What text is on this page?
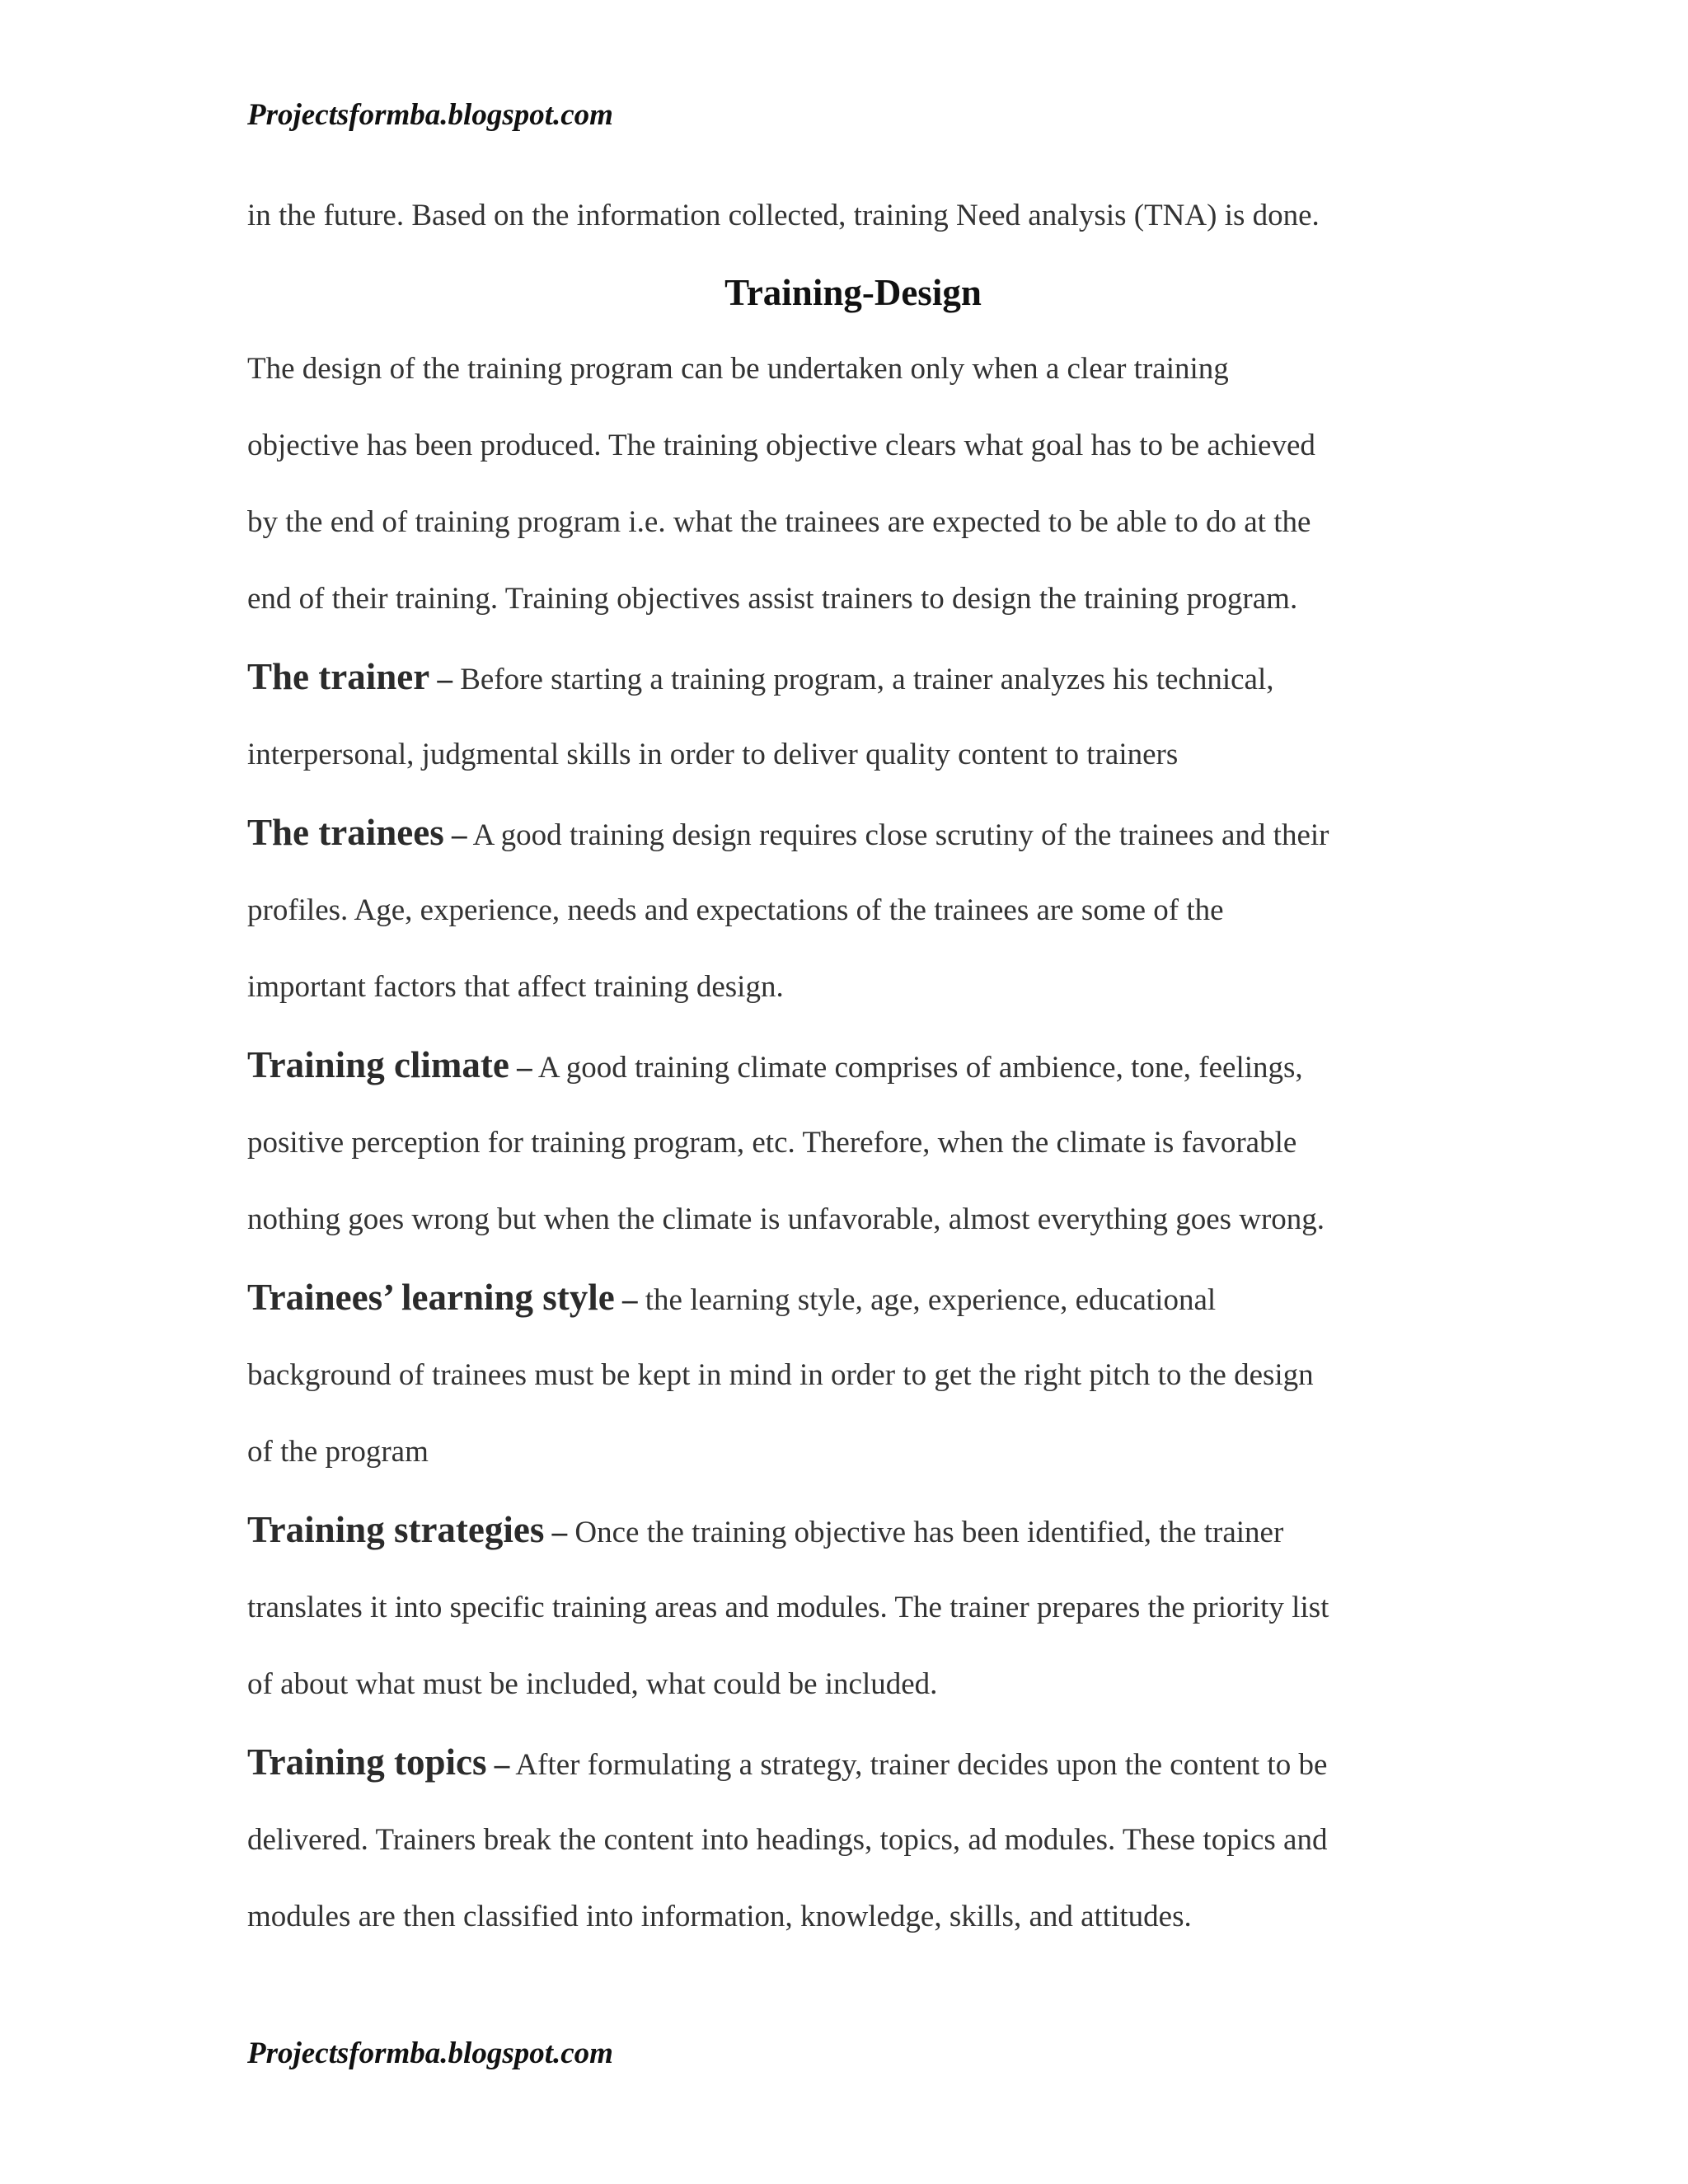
Projectsformba.blogspot.com
in the future. Based on the information collected, training Need analysis (TNA) is done.
Training-Design
The design of the training program can be undertaken only when a clear training
objective has been produced. The training objective clears what goal has to be achieved
by the end of training program i.e. what the trainees are expected to be able to do at the
end of their training. Training objectives assist trainers to design the training program.
The trainer – Before starting a training program, a trainer analyzes his technical,
interpersonal, judgmental skills in order to deliver quality content to trainers
The trainees – A good training design requires close scrutiny of the trainees and their
profiles. Age, experience, needs and expectations of the trainees are some of the
important factors that affect training design.
Training climate – A good training climate comprises of ambience, tone, feelings,
positive perception for training program, etc. Therefore, when the climate is favorable
nothing goes wrong but when the climate is unfavorable, almost everything goes wrong.
Trainees’ learning style – the learning style, age, experience, educational
background of trainees must be kept in mind in order to get the right pitch to the design
of the program
Training strategies – Once the training objective has been identified, the trainer
translates it into specific training areas and modules. The trainer prepares the priority list
of about what must be included, what could be included.
Training topics – After formulating a strategy, trainer decides upon the content to be
delivered. Trainers break the content into headings, topics, ad modules. These topics and
modules are then classified into information, knowledge, skills, and attitudes.
Projectsformba.blogspot.com
